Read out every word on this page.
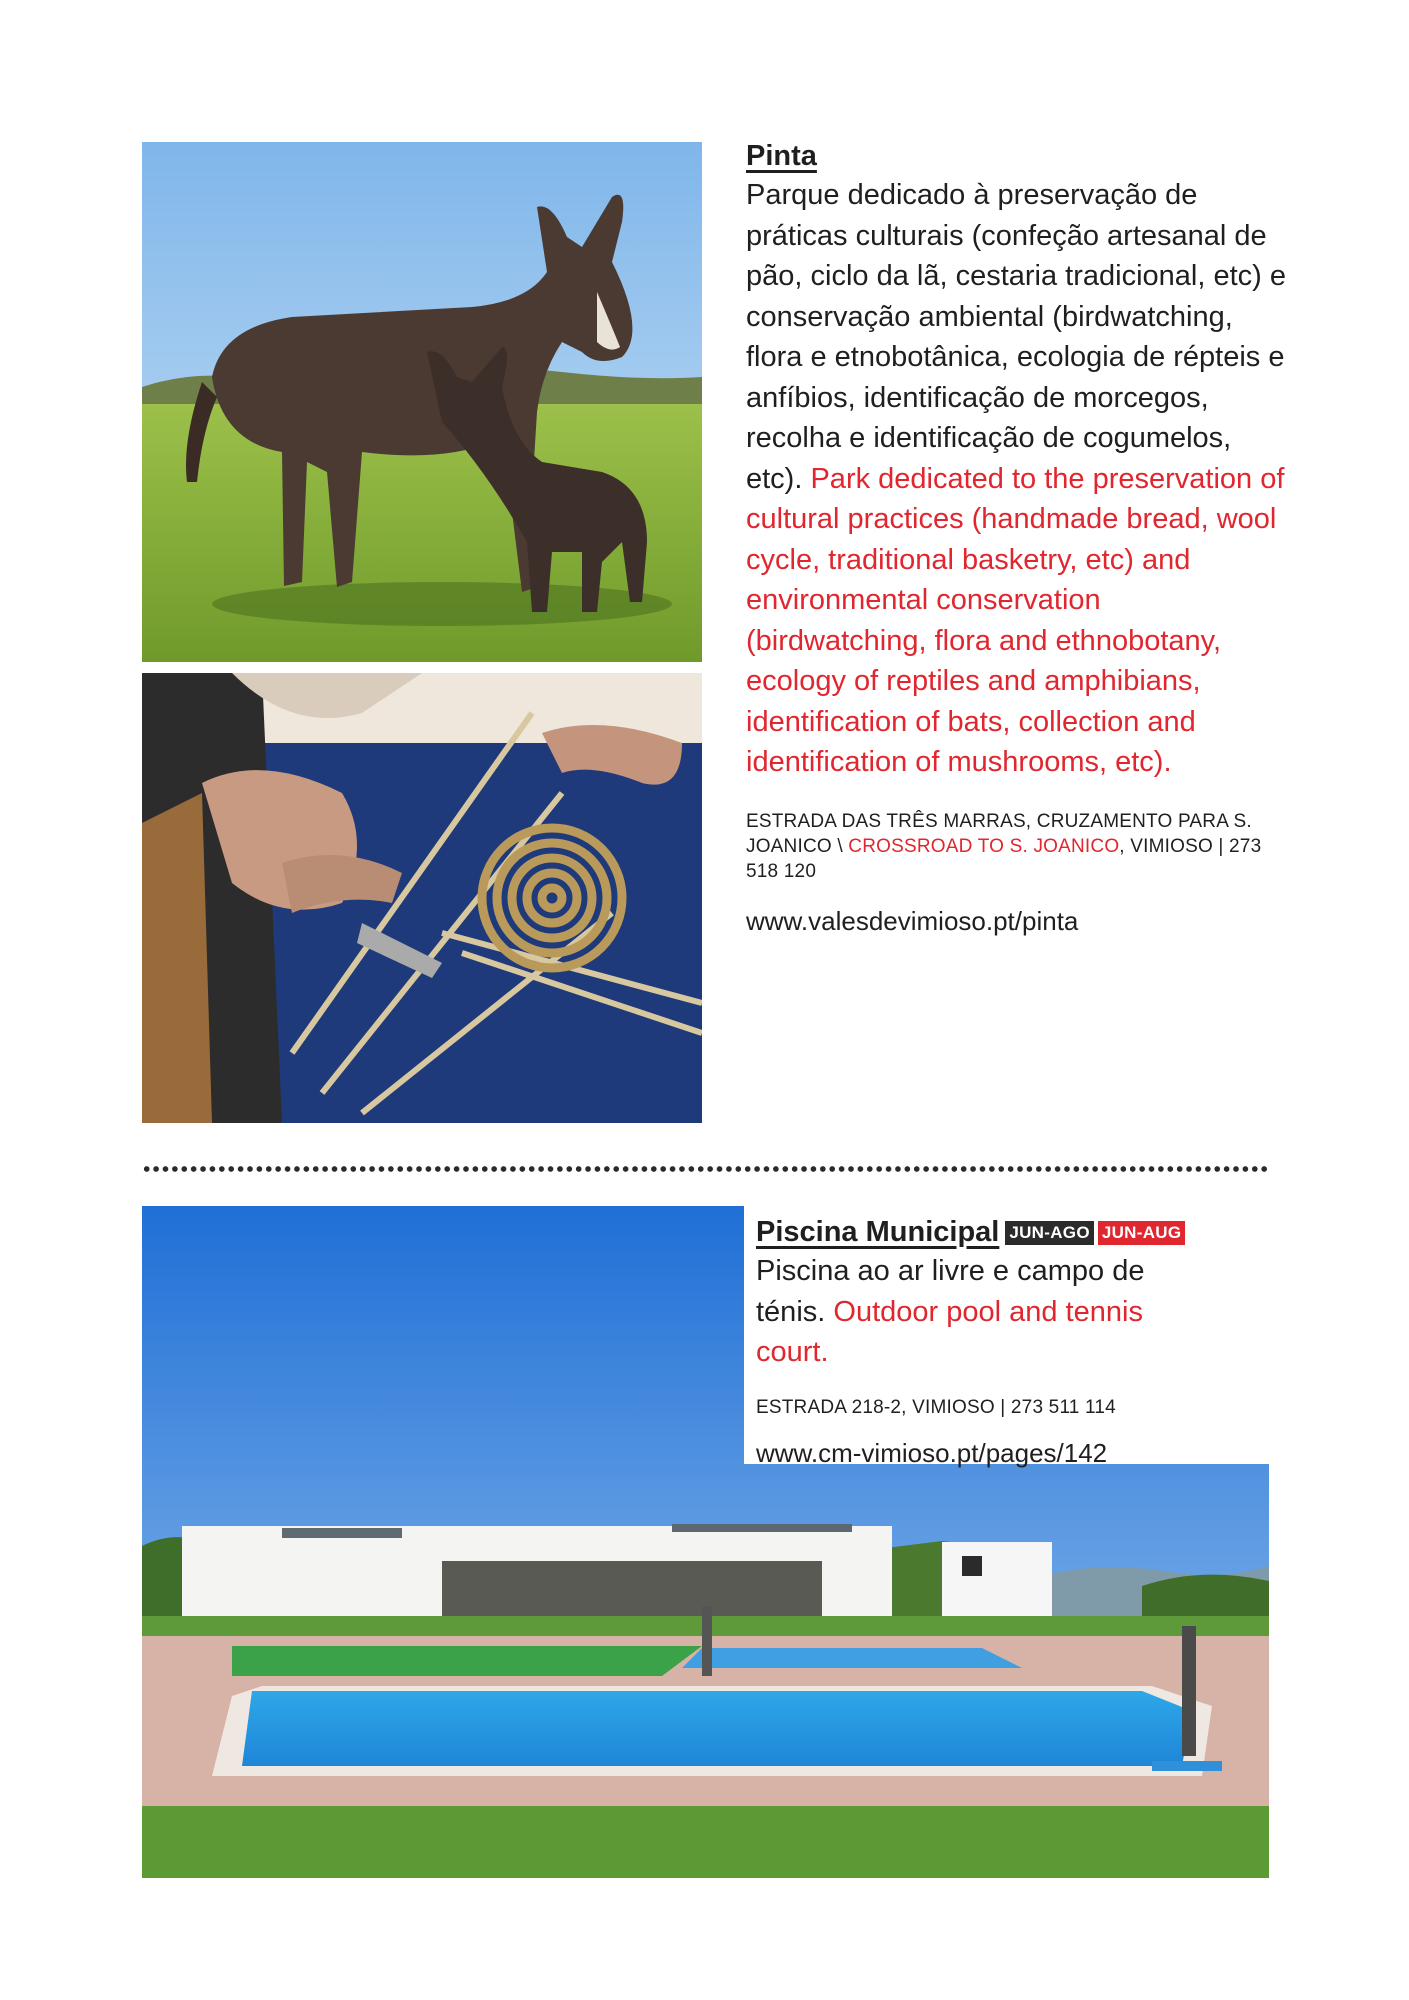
Pinta

Parque dedicado à preservação de práticas culturais (confeção artesanal de pão, ciclo da lã, cestaria tradicional, etc) e conservação ambiental (birdwatching, flora e etnobotânica, ecologia de répteis e anfíbios, identificação de morcegos, recolha e identificação de cogumelos, etc). Park dedicated to the preservation of cultural practices (handmade bread, wool cycle, traditional basketry, etc) and environmental conservation (birdwatching, flora and ethnobotany, ecology of reptiles and amphibians, identification of bats, collection and identification of mushrooms, etc).

ESTRADA DAS TRÊS MARRAS, CRUZAMENTO PARA S. JOANICO \ CROSSROAD TO S. JOANICO, VIMIOSO | 273 518 120
www.valesdevimioso.pt/pinta
Piscina Municipal JUN-AGO JUN-AUG

Piscina ao ar livre e campo de ténis. Outdoor pool and tennis court.

ESTRADA 218-2, VIMIOSO | 273 511 114
www.cm-vimioso.pt/pages/142
